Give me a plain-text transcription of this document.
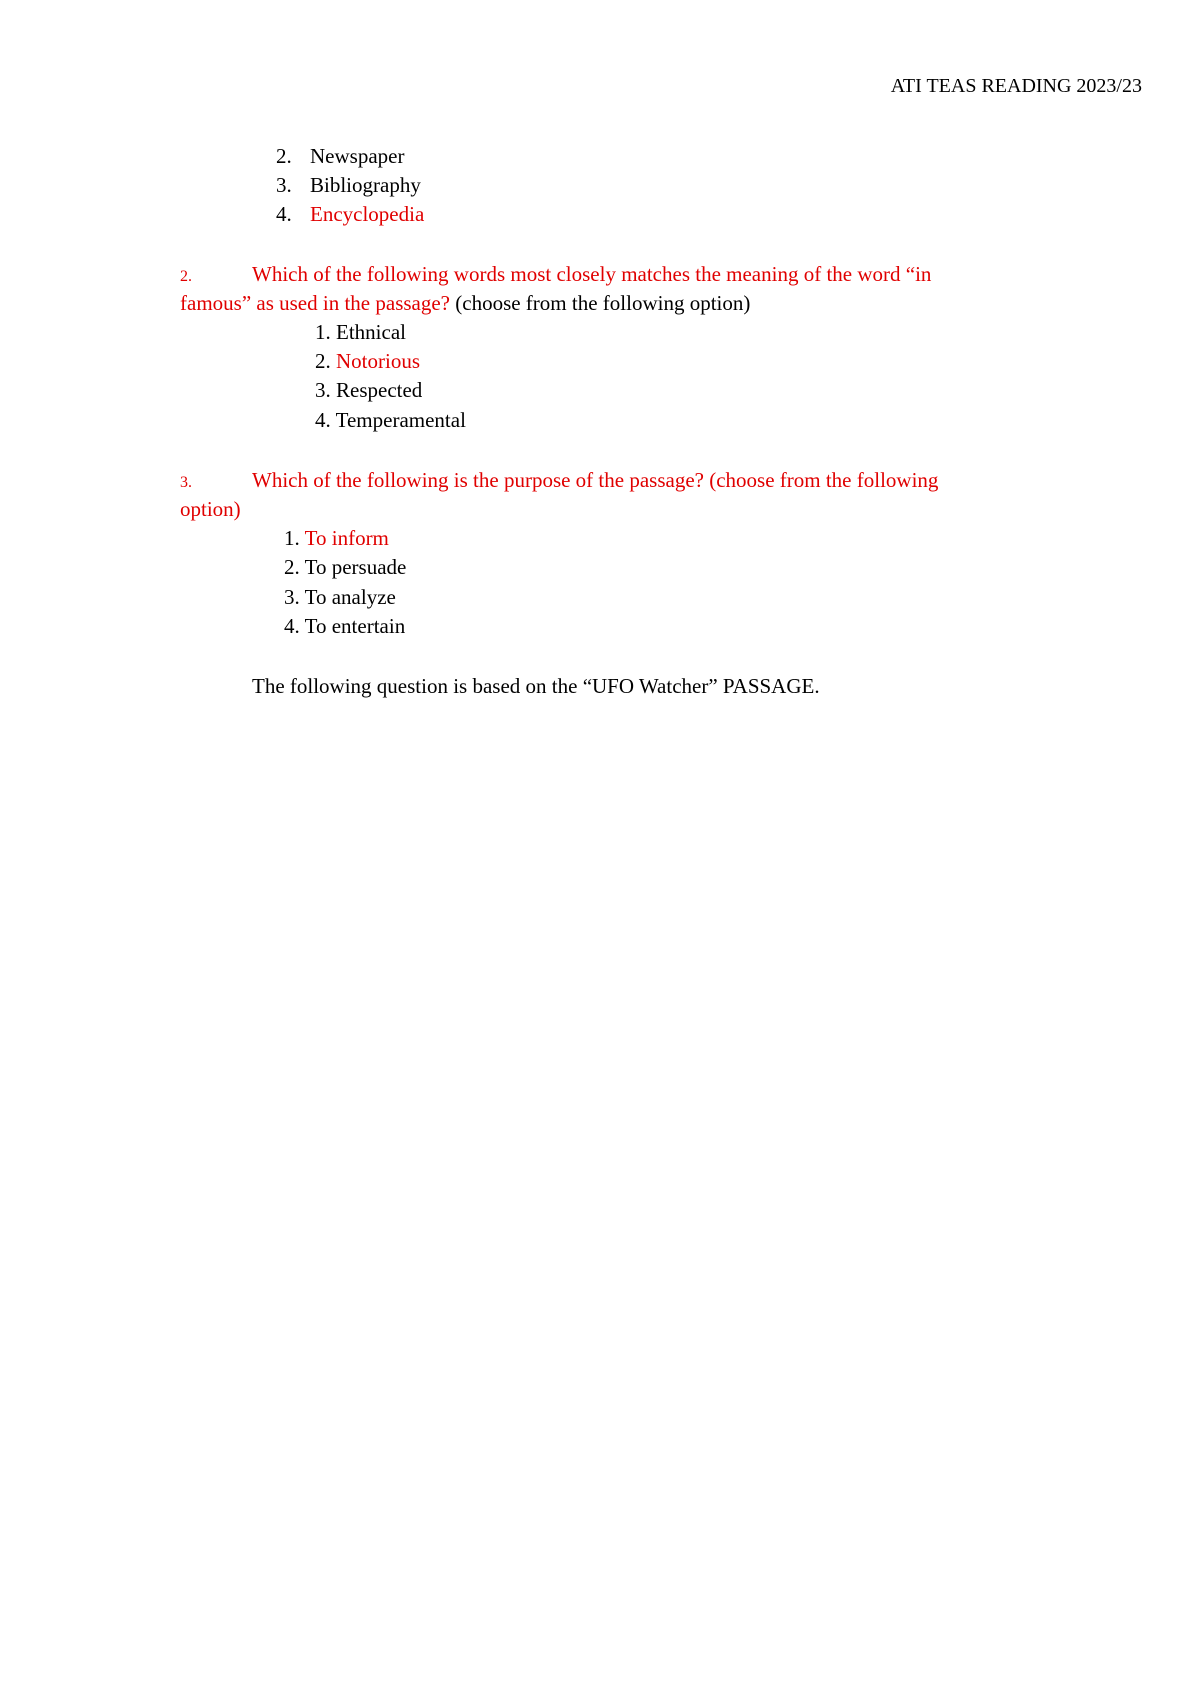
ATI TEAS READING 2023/23
2. Newspaper
3. Bibliography
4. Encyclopedia
2.	Which of the following words most closely matches the meaning of the word “in
famous” as used in the passage? (choose from the following option)
1. Ethnical
2. Notorious
3. Respected
4. Temperamental
3.	Which of the following is the purpose of the passage? (choose from the following
option)
1. To inform
2. To persuade
3. To analyze
4. To entertain
The following question is based on the “UFO Watcher” PASSAGE.
